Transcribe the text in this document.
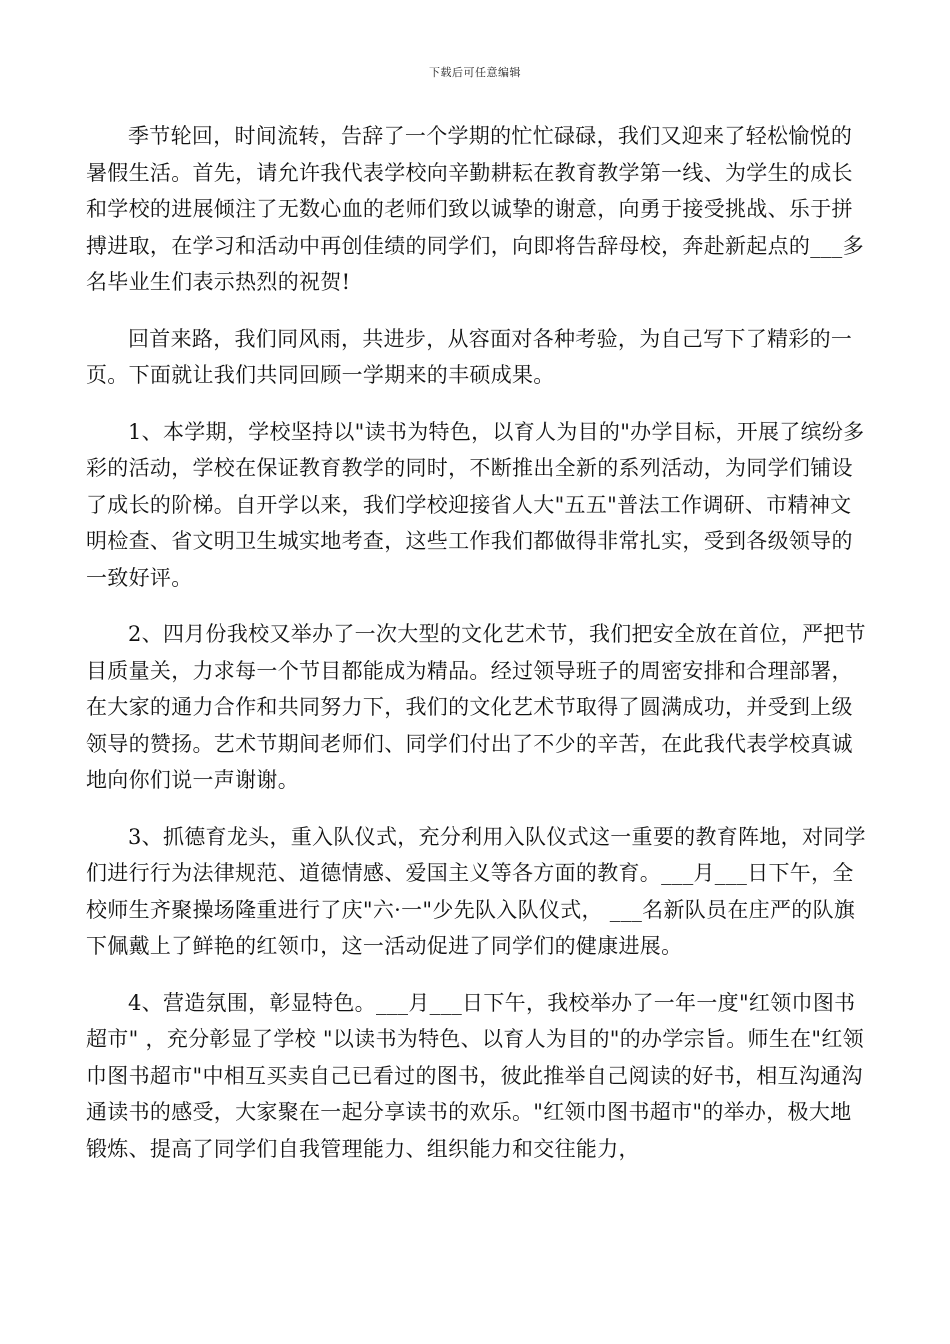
下载后可任意编辑

季节轮回，时间流转，告辞了一个学期的忙忙碌碌，我们又迎来了轻松愉悦的暑假生活。首先，请允许我代表学校向辛勤耕耘在教育教学第一线、为学生的成长和学校的进展倾注了无数心血的老师们致以诚挚的谢意，向勇于接受挑战、乐于拼搏进取，在学习和活动中再创佳绩的同学们，向即将告辞母校，奔赴新起点的___多名毕业生们表示热烈的祝贺!

回首来路，我们同风雨，共进步，从容面对各种考验，为自己写下了精彩的一页。下面就让我们共同回顾一学期来的丰硕成果。

1、本学期，学校坚持以"读书为特色，以育人为目的"办学目标，开展了缤纷多彩的活动，学校在保证教育教学的同时，不断推出全新的系列活动，为同学们铺设了成长的阶梯。自开学以来，我们学校迎接省人大"五五"普法工作调研、市精神文明检查、省文明卫生城实地考查，这些工作我们都做得非常扎实，受到各级领导的一致好评。

2、四月份我校又举办了一次大型的文化艺术节，我们把安全放在首位，严把节目质量关，力求每一个节目都能成为精品。经过领导班子的周密安排和合理部署，在大家的通力合作和共同努力下，我们的文化艺术节取得了圆满成功，并受到上级领导的赞扬。艺术节期间老师们、同学们付出了不少的辛苦，在此我代表学校真诚地向你们说一声谢谢。

3、抓德育龙头，重入队仪式，充分利用入队仪式这一重要的教育阵地，对同学们进行行为法律规范、道德情感、爱国主义等各方面的教育。___月___日下午，全校师生齐聚操场隆重进行了庆"六·一"少先队入队仪式， ___名新队员在庄严的队旗下佩戴上了鲜艳的红领巾，这一活动促进了同学们的健康进展。

4、营造氛围，彰显特色。___月___日下午，我校举办了一年一度"红领巾图书超市" ，充分彰显了学校 "以读书为特色、以育人为目的"的办学宗旨。师生在"红领巾图书超市"中相互买卖自己已看过的图书，彼此推举自己阅读的好书，相互沟通沟通读书的感受，大家聚在一起分享读书的欢乐。"红领巾图书超市"的举办，极大地锻炼、提高了同学们自我管理能力、组织能力和交往能力，
